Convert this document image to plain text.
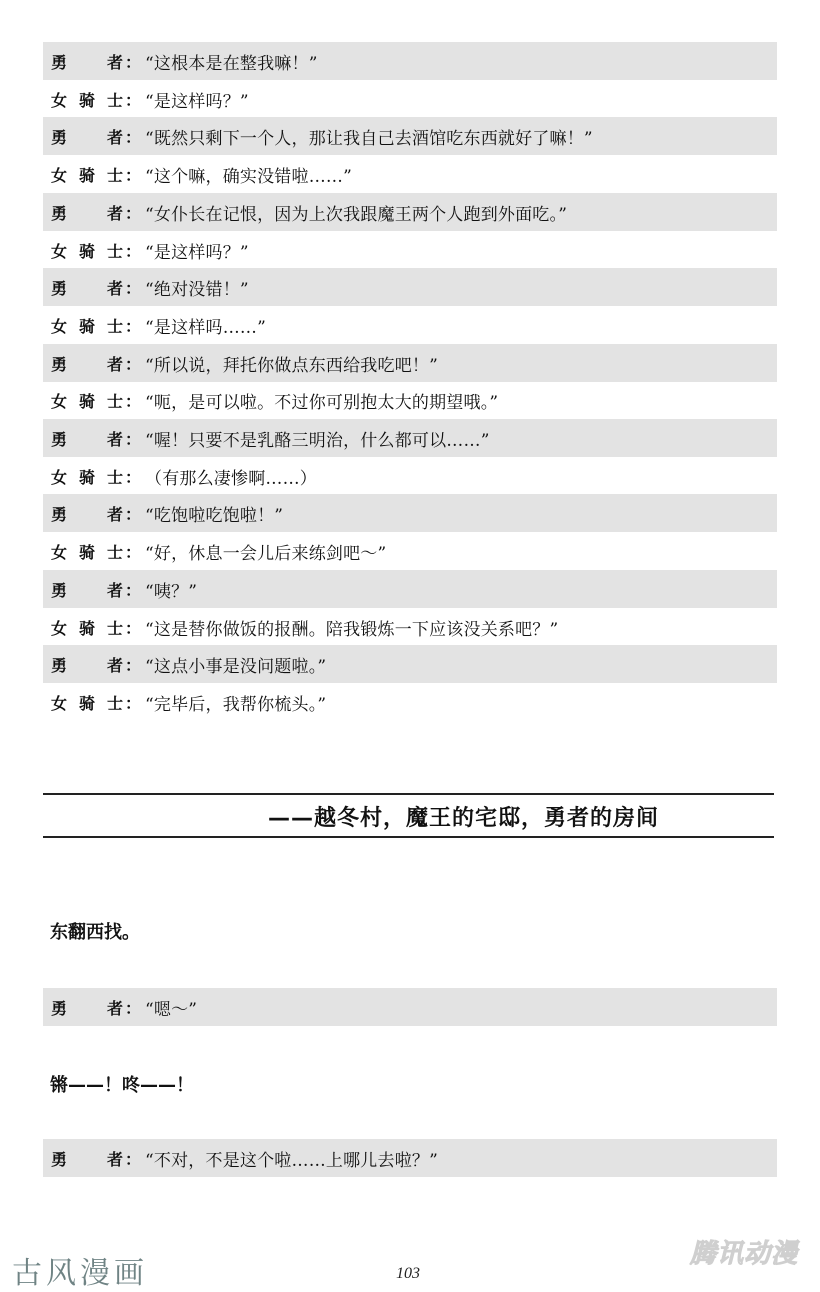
勇 者 ： “这根本是在整我嘛！”
女 骑 士 ： “是这样吗？”
勇 者 ： “既然只剩下一个人，那让我自己去酒馆吃东西就好了嘛！”
女 骑 士 ： “这个嘛，确实没错啦……”
勇 者 ： “女仆长在记恨，因为上次我跟魔王两个人跑到外面吃。”
女 骑 士 ： “是这样吗？”
勇 者 ： “绝对没错！”
女 骑 士 ： “是这样吗……”
勇 者 ： “所以说，拜托你做点东西给我吃吧！”
女 骑 士 ： “呃，是可以啦。不过你可别抱太大的期望哦。”
勇 者 ： “喔！只要不是乳酪三明治，什么都可以……”
女 骑 士 ： （有那么凄惨啊……）
勇 者 ： “吃饱啦吃饱啦！”
女 骑 士 ： “好，休息一会儿后来练剑吧～”
勇 者 ： “咦？”
女 骑 士 ： “这是替你做饭的报酬。陪我锻炼一下应该没关系吧？”
勇 者 ： “这点小事是没问题啦。”
女 骑 士 ： “完毕后，我帮你梳头。”
——越冬村，魔王的宅邸，勇者的房间
东翻西找。
勇 者 ： “嗯～”
锵——！咚——！
勇 者 ： “不对，不是这个啦……上哪儿去啦？”
古风漫画	103
腾讯动漫
